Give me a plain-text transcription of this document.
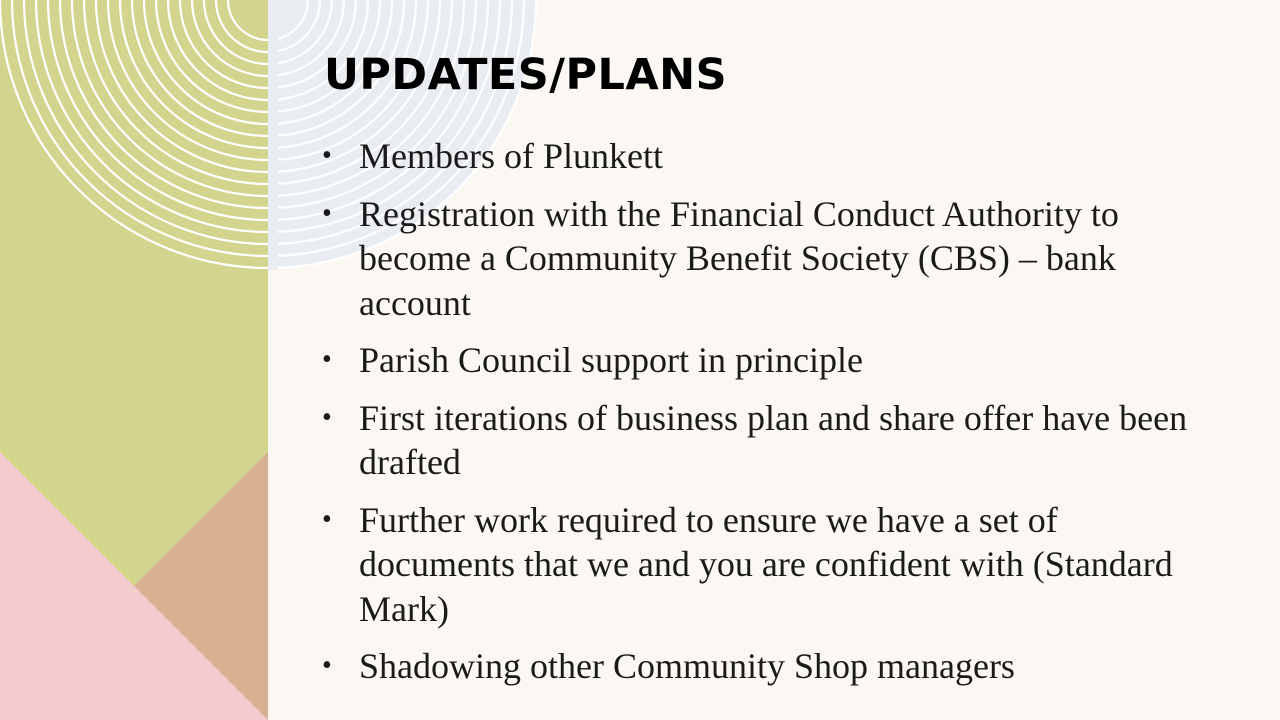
UPDATES/PLANS
• Members of Plunkett
• Registration with the Financial Conduct Authority to become a Community Benefit Society (CBS) – bank account
• Parish Council support in principle
• First iterations of business plan and share offer have been drafted
• Further work required to ensure we have a set of documents that we and you are confident with (Standard Mark)
• Shadowing other Community Shop managers
